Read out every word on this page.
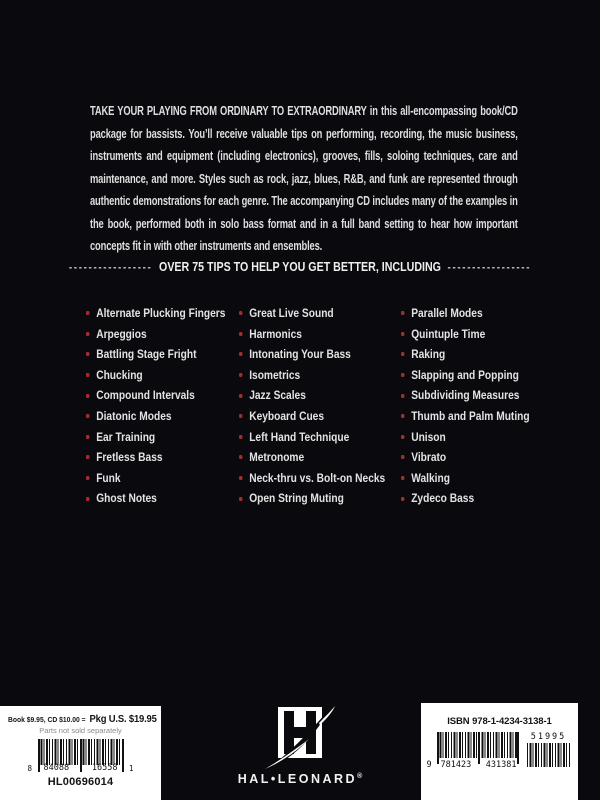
TAKE YOUR PLAYING FROM ORDINARY TO EXTRAORDINARY in this all-encompassing book/CD package for bassists. You’ll receive valuable tips on performing, recording, the music business, instruments and equipment (including electronics), grooves, fills, soloing techniques, care and maintenance, and more. Styles such as rock, jazz, blues, R&B, and funk are represented through authentic demonstrations for each genre. The accompanying CD includes many of the examples in the book, performed both in solo bass format and in a full band setting to hear how important concepts fit in with other instruments and ensembles.

----------------- OVER 75 TIPS TO HELP YOU GET BETTER, INCLUDING -----------------
Alternate Plucking Fingers
Arpeggios
Battling Stage Fright
Chucking
Compound Intervals
Diatonic Modes
Ear Training
Fretless Bass
Funk
Ghost Notes
Great Live Sound
Harmonics
Intonating Your Bass
Isometrics
Jazz Scales
Keyboard Cues
Left Hand Technique
Metronome
Neck-thru vs. Bolt-on Necks
Open String Muting
Parallel Modes
Quintuple Time
Raking
Slapping and Popping
Subdividing Measures
Thumb and Palm Muting
Unison
Vibrato
Walking
Zydeco Bass
Book $9.95, CD $10.00 = Pkg U.S. $19.95
Parts not sold separately
8 84088	16558 1
HL00696014	HAL•LEONARD®
ISBN 978-1-4234-3138-1
9 781423 431381
51995
